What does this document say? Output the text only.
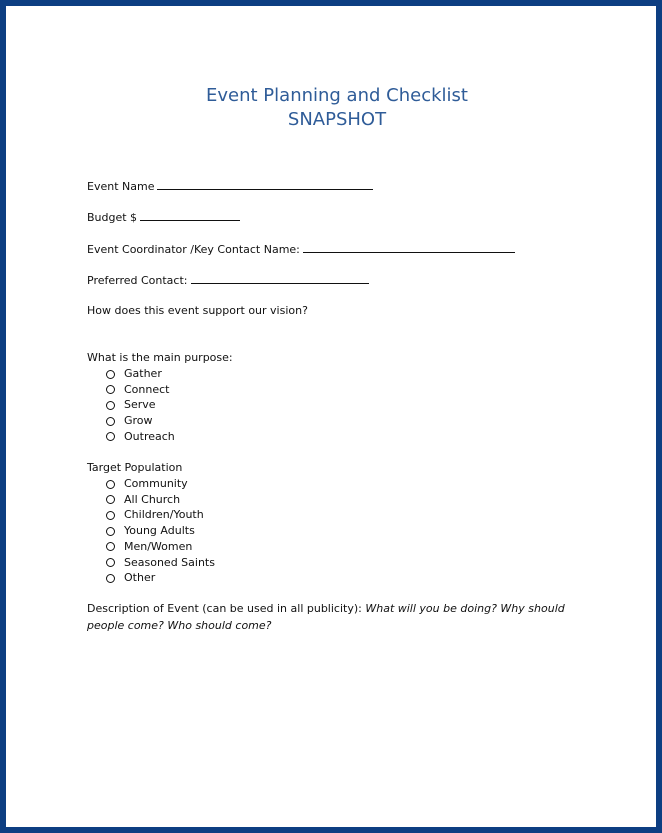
Event Planning and Checklist
SNAPSHOT
Event Name
Budget $
Event Coordinator /Key Contact Name:
Preferred Contact:
How does this event support our vision?
What is the main purpose:
Gather
Connect
Serve
Grow
Outreach
Target Population
Community
All Church
Children/Youth
Young Adults
Men/Women
Seasoned Saints
Other
Description of Event (can be used in all publicity): What will you be doing? Why should people come? Who should come?
